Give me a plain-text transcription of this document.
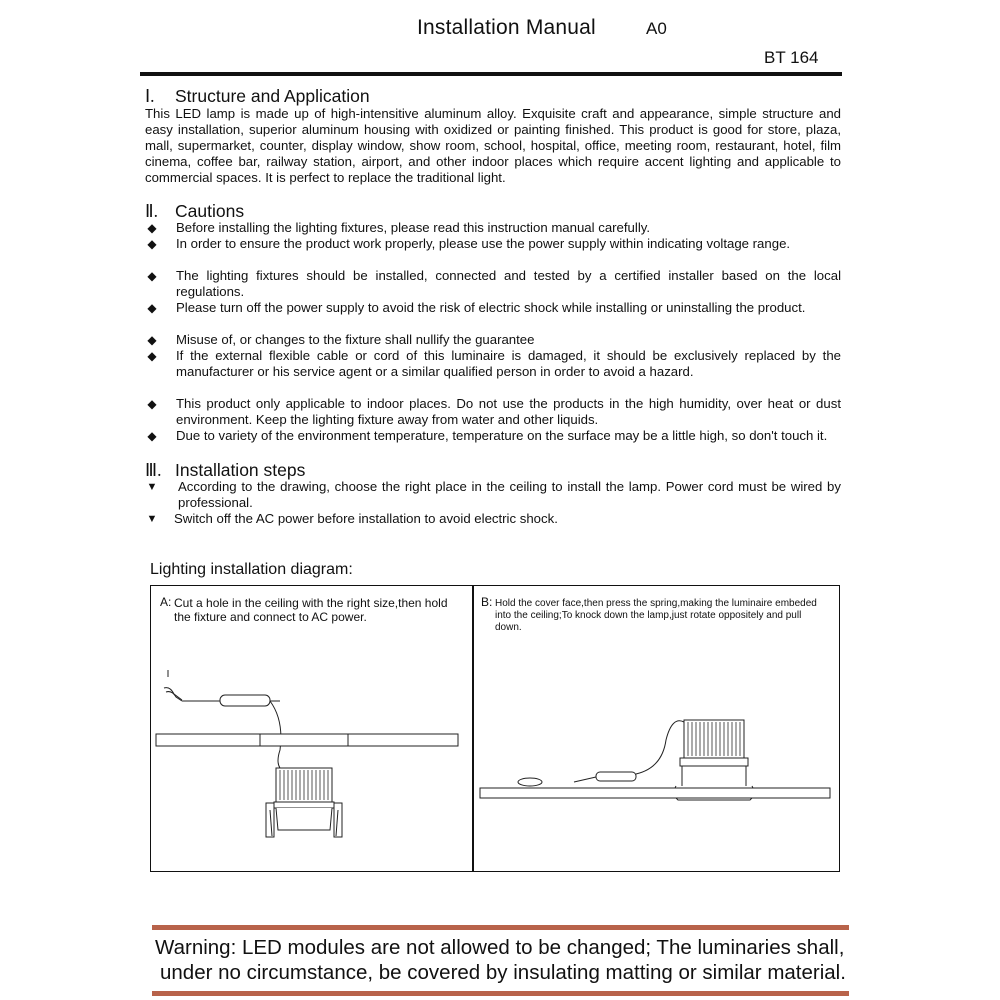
Installation Manual	A0
BT 164
Ⅰ. Structure and Application
This LED lamp is made up of high-intensitive aluminum alloy. Exquisite craft and appearance, simple structure and easy installation, superior aluminum housing with oxidized or painting finished. This product is good for store, plaza, mall, supermarket, counter, display window, show room, school, hospital, office, meeting room, restaurant, hotel, film cinema, coffee bar, railway station, airport, and other indoor places which require accent lighting and applicable to commercial spaces. It is perfect to replace the traditional light.
Ⅱ. Cautions
◆ Before installing the lighting fixtures, please read this instruction manual carefully.
◆ In order to ensure the product work properly, please use the power supply within indicating voltage range.
◆ The lighting fixtures should be installed, connected and tested by a certified installer based on the local regulations.
◆ Please turn off the power supply to avoid the risk of electric shock while installing or uninstalling the product.
◆ Misuse of, or changes to the fixture shall nullify the guarantee
◆ If the external flexible cable or cord of this luminaire is damaged, it should be exclusively replaced by the manufacturer or his service agent or a similar qualified person in order to avoid a hazard.
◆ This product only applicable to indoor places. Do not use the products in the high humidity, over heat or dust environment. Keep the lighting fixture away from water and other liquids.
◆ Due to variety of the environment temperature, temperature on the surface may be a little high, so don't touch it.
Ⅲ. Installation steps
▼ According to the drawing, choose the right place in the ceiling to install the lamp. Power cord must be wired by professional.
▼ Switch off the AC power before installation to avoid electric shock.
Lighting installation diagram:
A: Cut a hole in the ceiling with the right size,then hold the fixture and connect to AC power.
B: Hold the cover face,then press the spring,making the luminaire embeded into the ceiling;To knock down the lamp,just rotate oppositely and pull down.
Warning: LED modules are not allowed to be changed; The luminaries shall,
under no circumstance, be covered by insulating matting or similar material.
